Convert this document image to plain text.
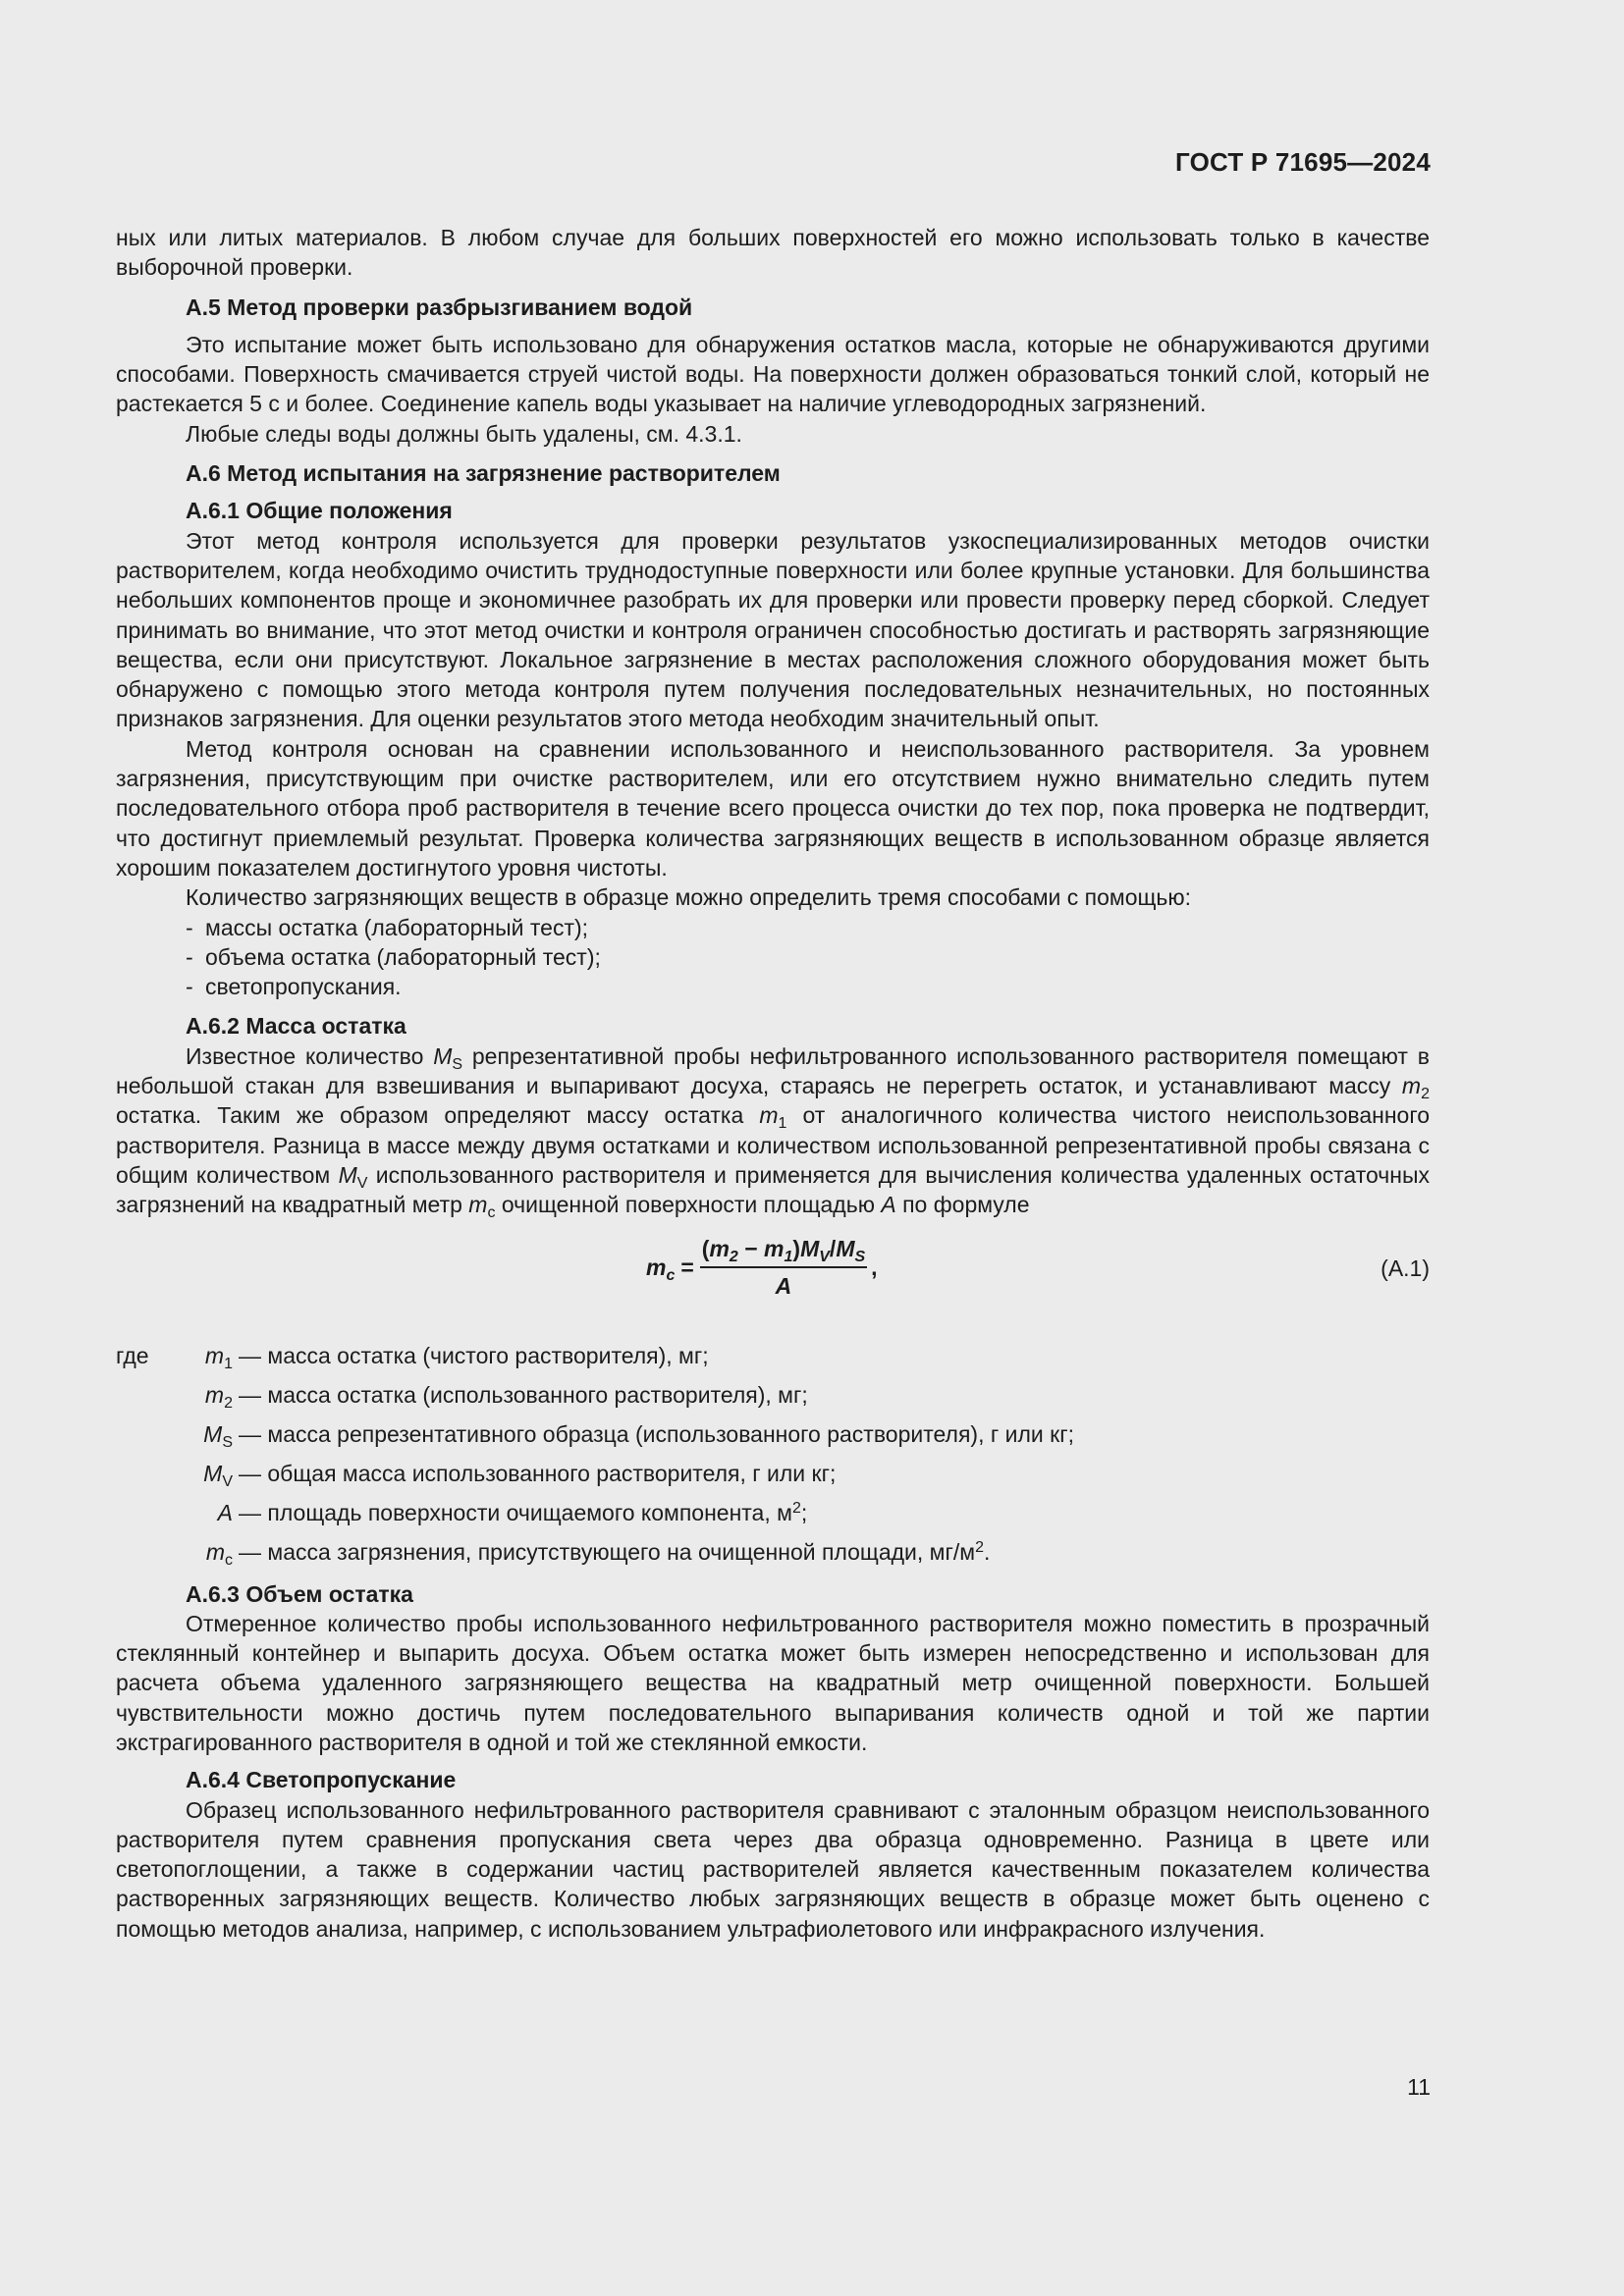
ГОСТ Р 71695—2024

ных или литых материалов. В любом случае для больших поверхностей его можно использовать только в качестве выборочной проверки.

А.5 Метод проверки разбрызгиванием водой

Это испытание может быть использовано для обнаружения остатков масла, которые не обнаруживаются другими способами. Поверхность смачивается струей чистой воды. На поверхности должен образоваться тонкий слой, который не растекается 5 с и более. Соединение капель воды указывает на наличие углеводородных загрязнений.

Любые следы воды должны быть удалены, см. 4.3.1.

А.6 Метод испытания на загрязнение растворителем

А.6.1 Общие положения

Этот метод контроля используется для проверки результатов узкоспециализированных методов очистки растворителем, когда необходимо очистить труднодоступные поверхности или более крупные установки. Для большинства небольших компонентов проще и экономичнее разобрать их для проверки или провести проверку перед сборкой. Следует принимать во внимание, что этот метод очистки и контроля ограничен способностью достигать и растворять загрязняющие вещества, если они присутствуют. Локальное загрязнение в местах расположения сложного оборудования может быть обнаружено с помощью этого метода контроля путем получения последовательных незначительных, но постоянных признаков загрязнения. Для оценки результатов этого метода необходим значительный опыт.

Метод контроля основан на сравнении использованного и неиспользованного растворителя. За уровнем загрязнения, присутствующим при очистке растворителем, или его отсутствием нужно внимательно следить путем последовательного отбора проб растворителя в течение всего процесса очистки до тех пор, пока проверка не подтвердит, что достигнут приемлемый результат. Проверка количества загрязняющих веществ в использованном образце является хорошим показателем достигнутого уровня чистоты.

Количество загрязняющих веществ в образце можно определить тремя способами с помощью:

- массы остатка (лабораторный тест);

- объема остатка (лабораторный тест);

- светопропускания.

А.6.2 Масса остатка

Известное количество $M_S$ репрезентативной пробы нефильтрованного использованного растворителя помещают в небольшой стакан для взвешивания и выпаривают досуха, стараясь не перегреть остаток, и устанавливают массу $m_2$ остатка. Таким же образом определяют массу остатка $m_1$ от аналогичного количества чистого неиспользованного растворителя. Разница в массе между двумя остатками и количеством использованной репрезентативной пробы связана с общим количеством $M_V$ использованного растворителя и применяется для вычисления количества удаленных остаточных загрязнений на квадратный метр $m_c$ очищенной поверхности площадью A по формуле

$m_c = \frac{(m_2 - m_1)M_V/M_S}{A}$ ,	(А.1)
где $m_1$ — масса остатка (чистого растворителя), мг;
$m_2$ — масса остатка (использованного растворителя), мг;
$M_S$ — масса репрезентативного образца (использованного растворителя), г или кг;
$M_V$ — общая масса использованного растворителя, г или кг;
A — площадь поверхности очищаемого компонента, $м^2$;
$m_c$ — масса загрязнения, присутствующего на очищенной площади, $мг/м^2$.

А.6.3 Объем остатка

Отмеренное количество пробы использованного нефильтрованного растворителя можно поместить в прозрачный стеклянный контейнер и выпарить досуха. Объем остатка может быть измерен непосредственно и использован для расчета объема удаленного загрязняющего вещества на квадратный метр очищенной поверхности. Большей чувствительности можно достичь путем последовательного выпаривания количеств одной и той же партии экстрагированного растворителя в одной и той же стеклянной емкости.

А.6.4 Светопропускание

Образец использованного нефильтрованного растворителя сравнивают с эталонным образцом неиспользованного растворителя путем сравнения пропускания света через два образца одновременно. Разница в цвете или светопоглощении, а также в содержании частиц растворителей является качественным показателем количества растворенных загрязняющих веществ. Количество любых загрязняющих веществ в образце может быть оценено с помощью методов анализа, например, с использованием ультрафиолетового или инфракрасного излучения.

11
